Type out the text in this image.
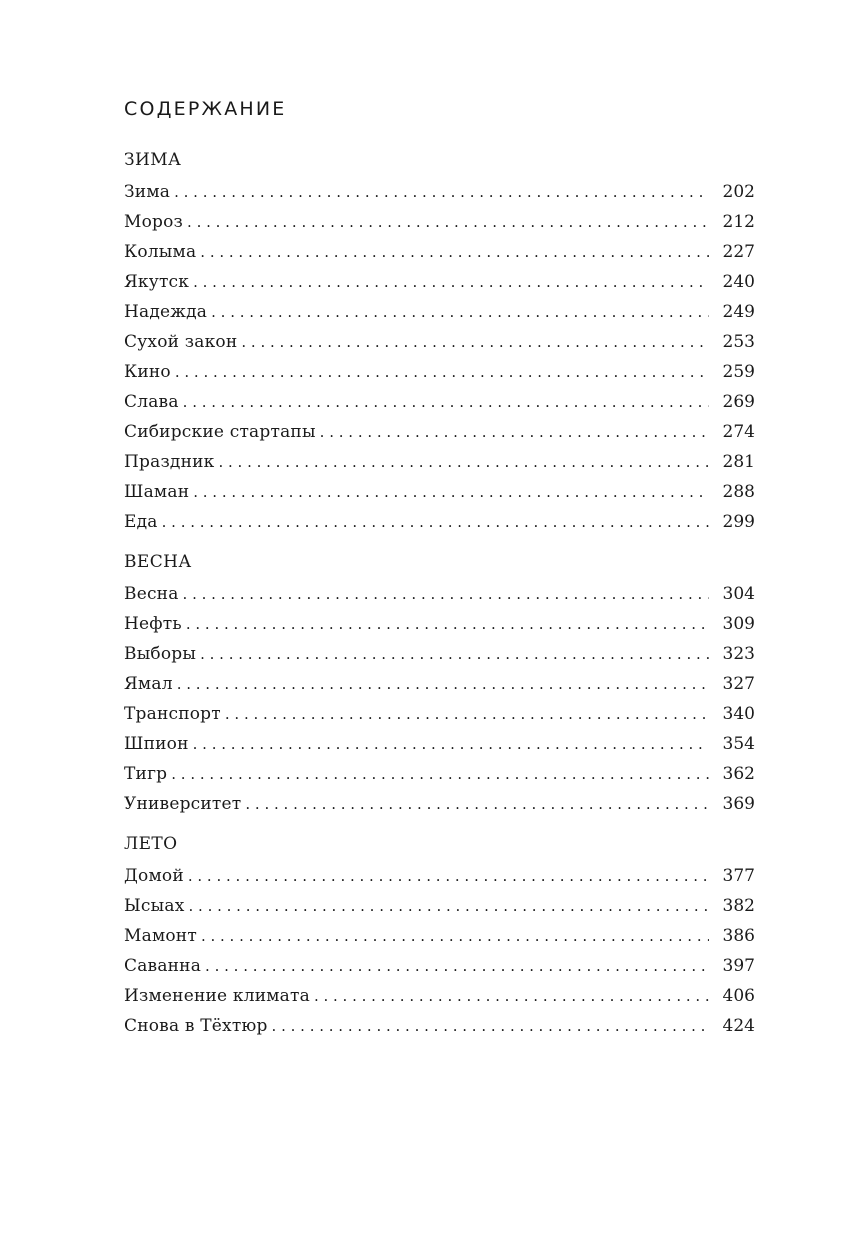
СОДЕРЖАНИЕ
ЗИМА
Зима . . .	202
Мороз . . .	212
Колыма . . .	227
Якутск . . .	240
Надежда . . .	249
Сухой закон . . .	253
Кино . . .	259
Слава . . .	269
Сибирские стартапы . . .	274
Праздник . . .	281
Шаман . . .	288
Еда . . .	299
ВЕСНА
Весна . . .	304
Нефть . . .	309
Выборы . . .	323
Ямал . . .	327
Транспорт . . .	340
Шпион . . .	354
Тигр . . .	362
Университет . . .	369
ЛЕТО
Домой . . .	377
Ысыах . . .	382
Мамонт . . .	386
Саванна . . .	397
Изменение климата . . .	406
Снова в Тёхтюр . . .	424
